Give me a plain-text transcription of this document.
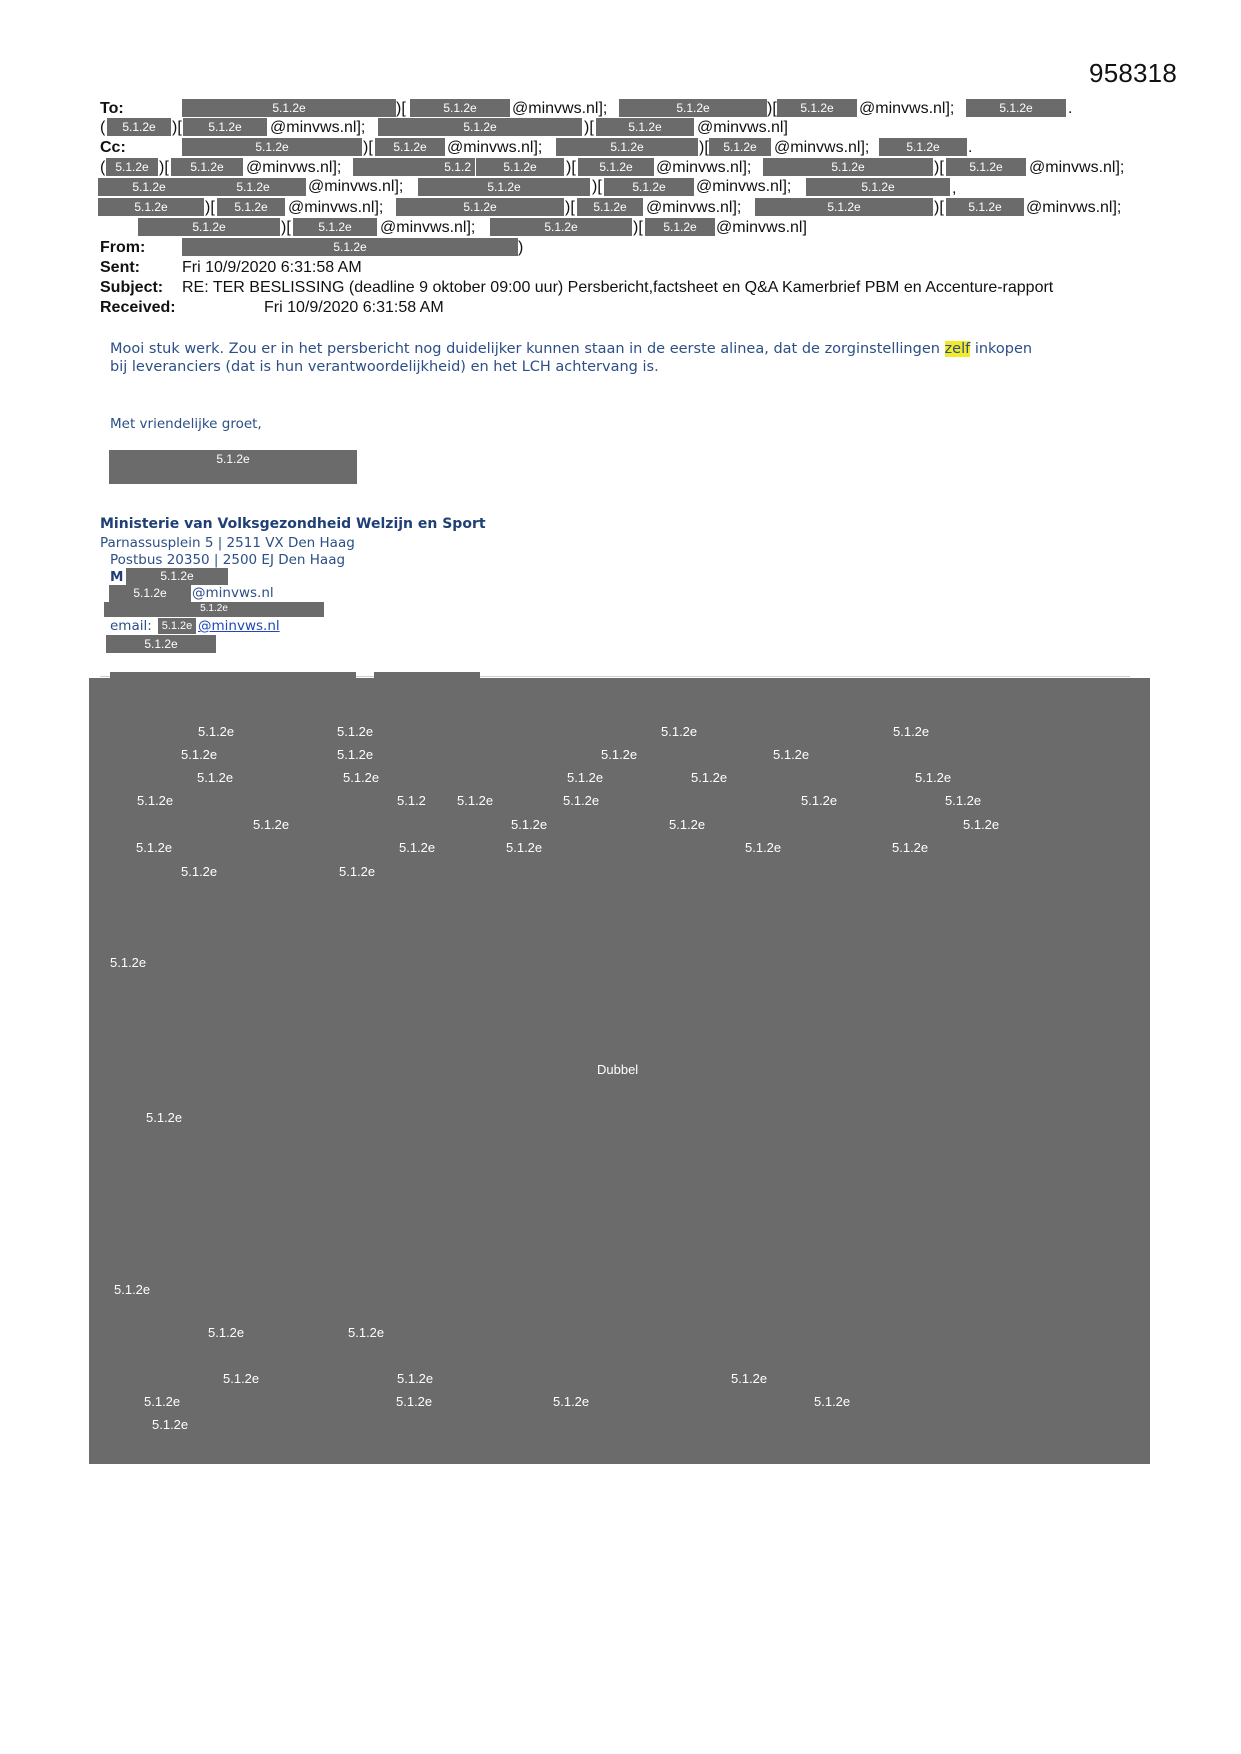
958318
To:	5.1.2e	)[	5.1.2e	@minvws.nl];	5.1.2e	)[	5.1.2e	@minvws.nl];	5.1.2e	.
(	5.1.2e	)[	5.1.2e	@minvws.nl];	5.1.2e	)[	5.1.2e	@minvws.nl]
Cc:	5.1.2e	)[	5.1.2e	@minvws.nl];	5.1.2e	)[	5.1.2e	@minvws.nl];	5.1.2e	.
( 5.1.2e )[	5.1.2e	@minvws.nl];	5.1.2	5.1.2e	)[	5.1.2e	@minvws.nl];	5.1.2e	)[	5.1.2e	@minvws.nl];
5.1.2e	5.1.2e	@minvws.nl];	5.1.2e	)[	5.1.2e	@minvws.nl];	5.1.2e	,
5.1.2e	)[	5.1.2e	@minvws.nl];	5.1.2e	)[	5.1.2e	@minvws.nl];	5.1.2e	)[	5.1.2e	@minvws.nl];
5.1.2e	)[	5.1.2e	@minvws.nl];	5.1.2e	)[	5.1.2e	@minvws.nl]
From:	5.1.2e	)
Sent:	Fri 10/9/2020 6:31:58 AM
Subject: RE: TER BESLISSING (deadline 9 oktober 09:00 uur) Persbericht,factsheet en Q&A Kamerbrief PBM en Accenture-rapport
Received:	Fri 10/9/2020 6:31:58 AM
Mooi stuk werk. Zou er in het persbericht nog duidelijker kunnen staan in de eerste alinea, dat de zorginstellingen zelf inkopen
bij leveranciers (dat is hun verantwoordelijkheid) en het LCH achtervang is.
Met vriendelijke groet,
5.1.2e
Ministerie van Volksgezondheid Welzijn en Sport
Parnassusplein 5 | 2511 VX Den Haag
Postbus 20350 | 2500 EJ Den Haag
M	5.1.2e
5.1.2e	@minvws.nl
5.1.2e
email: 5.1.2e @minvws.nl
5.1.2e
5.1.2e	5.1.2e	5.1.2e	5.1.2e
5.1.2e	5.1.2e	5.1.2e	5.1.2e
5.1.2e	5.1.2e	5.1.2e	5.1.2e	5.1.2e
5.1.2e	5.1.2 5.1.2e	5.1.2e	5.1.2e	5.1.2e
5.1.2e	5.1.2e	5.1.2e	5.1.2e
5.1.2e	5.1.2e	5.1.2e	5.1.2e	5.1.2e
5.1.2e	5.1.2e
5.1.2e
Dubbel
5.1.2e
5.1.2e
5.1.2e	5.1.2e
5.1.2e	5.1.2e	5.1.2e
5.1.2e	5.1.2e	5.1.2e	5.1.2e
5.1.2e
